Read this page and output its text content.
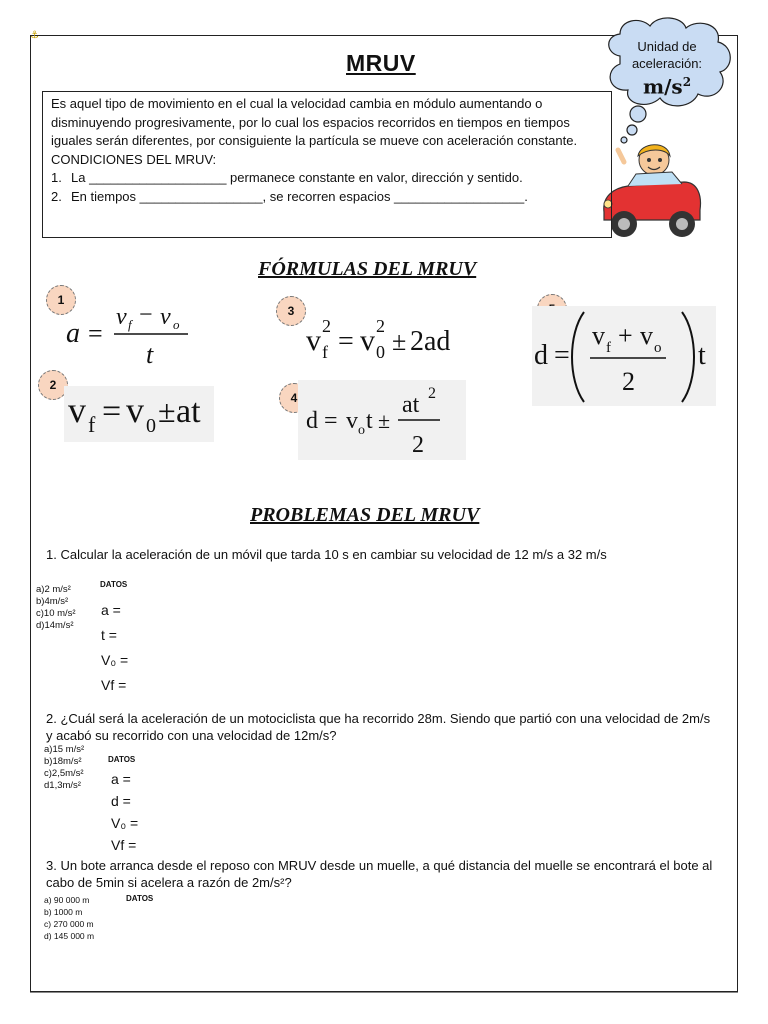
⚓
MRUV
Unidad de
aceleración:
$m/s^2$

Es aquel tipo de movimiento en el cual la velocidad cambia en módulo aumentando o disminuyendo progresivamente, por lo cual los espacios recorridos en tiempos en tiempos iguales serán diferentes, por consiguiente la partícula se mueve con aceleración constante.

CONDICIONES DEL MRUV:

1. La ___________________ permanece constante en valor, dirección y sentido.
2. En tiempos _________________, se recorren espacios __________________.
FÓRMULAS DEL MRUV
1
2
3
4
a =
v f − v o
t
v f = v 0 ± at
v f
2 = v 0
2
± 2ad
d = v o t ±
at 2
2
d =
v f + v o
2
t
PROBLEMAS DEL MRUV
1. Calcular la aceleración de un móvil que tarda 10 s en cambiar su velocidad de 12 m/s a 32 m/s
DATOS
a)2 m/s²
b)4m/s²
c)10 m/s²
d)14m/s²
a =
t =
V₀ =
Vf =
2. ¿Cuál será la aceleración de un motociclista que ha recorrido 28m. Siendo que partió con una velocidad de 2m/s y acabó su recorrido con una velocidad de 12m/s?
a)15 m/s²
b)18m/s²
c)2,5m/s²
d1,3m/s²
DATOS
a =
d =
V₀ =
Vf =
3. Un bote arranca desde el reposo con MRUV desde un muelle, a qué distancia del muelle se encontrará el bote al cabo de 5min si acelera a razón de 2m/s²?
a) 90 000 m
b) 1000 m
c) 270 000 m
d) 145 000 m
DATOS
